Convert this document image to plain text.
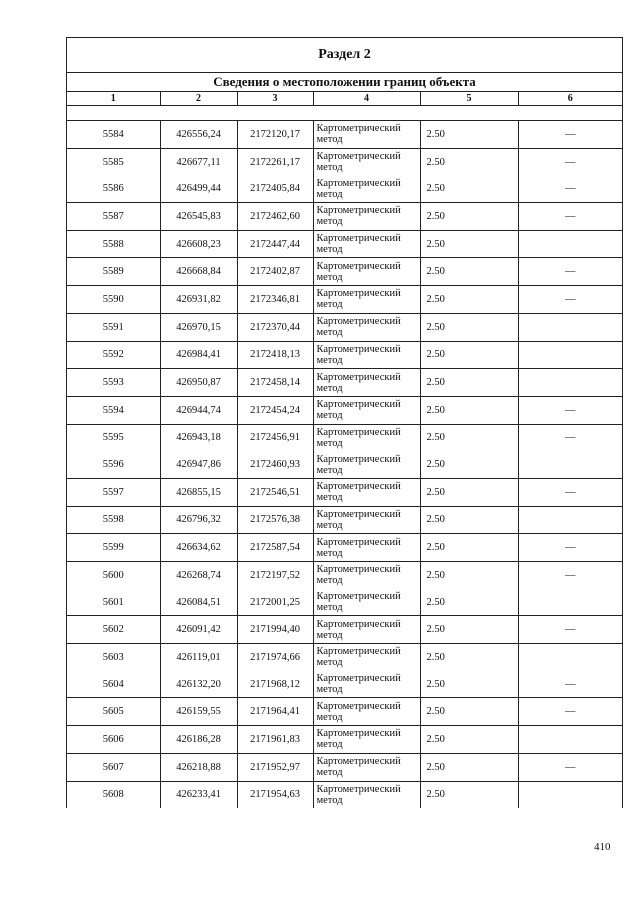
Раздел 2
Сведения о местоположении границ объекта
1	2	3	4	5	6

5584	426556,24	2172120,17	Картометрический метод	2.50	—
5585	426677,11	2172261,17	Картометрический метод	2.50	—
5586	426499,44	2172405,84	Картометрический метод	2.50	—
5587	426545,83	2172462,60	Картометрический метод	2.50	—
5588	426608,23	2172447,44	Картометрический метод	2.50	
5589	426668,84	2172402,87	Картометрический метод	2.50	—
5590	426931,82	2172346,81	Картометрический метод	2.50	—
5591	426970,15	2172370,44	Картометрический метод	2.50	
5592	426984,41	2172418,13	Картометрический метод	2.50	
5593	426950,87	2172458,14	Картометрический метод	2.50	
5594	426944,74	2172454,24	Картометрический метод	2.50	—
5595	426943,18	2172456,91	Картометрический метод	2.50	—
5596	426947,86	2172460,93	Картометрический метод	2.50	
5597	426855,15	2172546,51	Картометрический метод	2.50	—
5598	426796,32	2172576,38	Картометрический метод	2.50	
5599	426634,62	2172587,54	Картометрический метод	2.50	—
5600	426268,74	2172197,52	Картометрический метод	2.50	—
5601	426084,51	2172001,25	Картометрический метод	2.50	
5602	426091,42	2171994,40	Картометрический метод	2.50	—
5603	426119,01	2171974,66	Картометрический метод	2.50	
5604	426132,20	2171968,12	Картометрический метод	2.50	—
5605	426159,55	2171964,41	Картометрический метод	2.50	—
5606	426186,28	2171961,83	Картометрический метод	2.50	
5607	426218,88	2171952,97	Картометрический метод	2.50	—
5608	426233,41	2171954,63	Картометрический метод	2.50	
410
